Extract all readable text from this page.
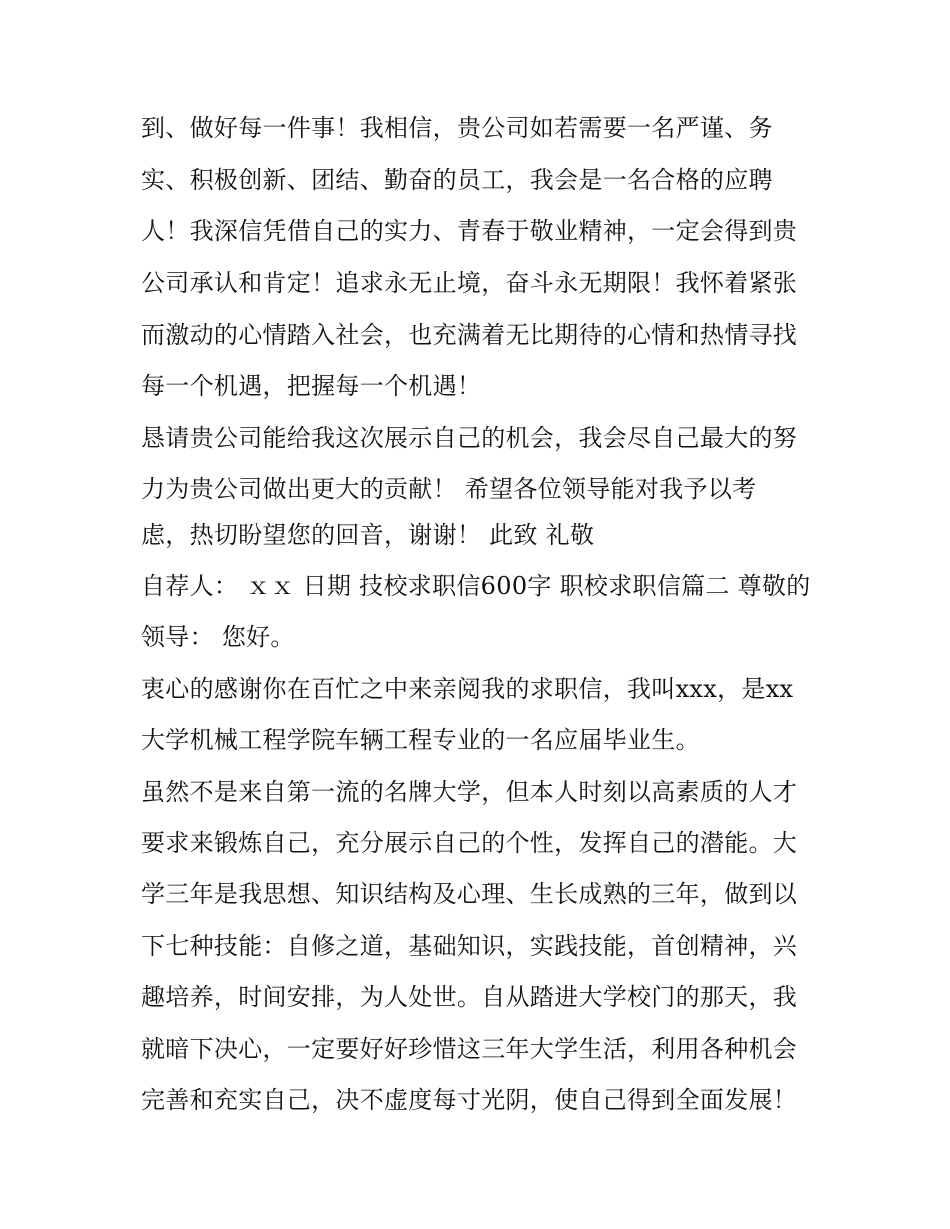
到、做好每一件事！我相信，贵公司如若需要一名严谨、务
实、积极创新、团结、勤奋的员工，我会是一名合格的应聘
人！我深信凭借自己的实力、青春于敬业精神，一定会得到贵
公司承认和肯定！追求永无止境，奋斗永无期限！我怀着紧张
而激动的心情踏入社会，也充满着无比期待的心情和热情寻找
每一个机遇，把握每一个机遇！
恳请贵公司能给我这次展示自己的机会，我会尽自己最大的努
力为贵公司做出更大的贡献！ 希望各位领导能对我予以考
虑，热切盼望您的回音，谢谢！ 此致 礼敬
自荐人： ｘｘ 日期 技校求职信600字 职校求职信篇二 尊敬的
领导： 您好。
衷心的感谢你在百忙之中来亲阅我的求职信，我叫xxx，是xx
大学机械工程学院车辆工程专业的一名应届毕业生。
虽然不是来自第一流的名牌大学，但本人时刻以高素质的人才
要求来锻炼自己，充分展示自己的个性，发挥自己的潜能。大
学三年是我思想、知识结构及心理、生长成熟的三年，做到以
下七种技能：自修之道，基础知识，实践技能，首创精神，兴
趣培养，时间安排，为人处世。自从踏进大学校门的那天，我
就暗下决心，一定要好好珍惜这三年大学生活，利用各种机会
完善和充实自己，决不虚度每寸光阴，使自己得到全面发展！
